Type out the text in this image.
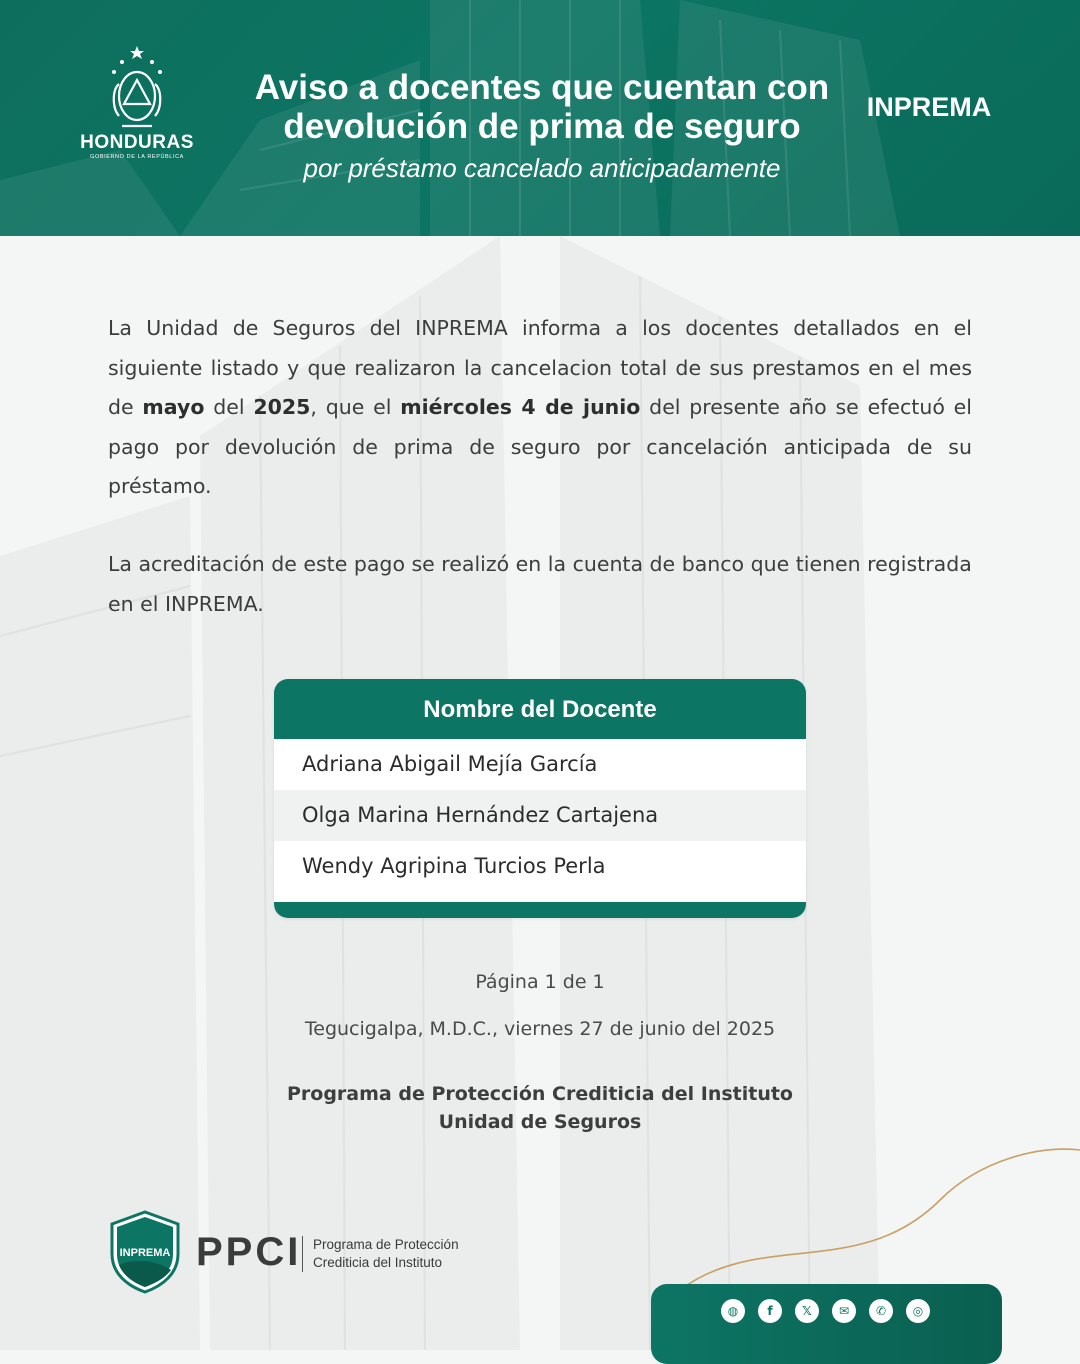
HONDURAS
GOBIERNO DE LA REPÚBLICA
Aviso a docentes que cuentan con
devolución de prima de seguro

por préstamo cancelado anticipadamente

INPREMA

La Unidad de Seguros del INPREMA informa a los docentes detallados en el siguiente listado y que realizaron la cancelacion total de sus prestamos en el mes de mayo del 2025, que el miércoles 4 de junio del presente año se efectuó el pago por devolución de prima de seguro por cancelación anticipada de su préstamo.

La acreditación de este pago se realizó en la cuenta de banco que tienen registrada en el INPREMA.

Nombre del Docente
Adriana Abigail Mejía García
Olga Marina Hernández Cartajena
Wendy Agripina Turcios Perla

Página 1 de 1

Tegucigalpa, M.D.C., viernes 27 de junio del 2025

Programa de Protección Crediticia del Instituto
Unidad de Seguros
INPREMA PPCI Programa de Protección
Crediticia del Instituto
◍	f	𝕏	✉	✆	◎
